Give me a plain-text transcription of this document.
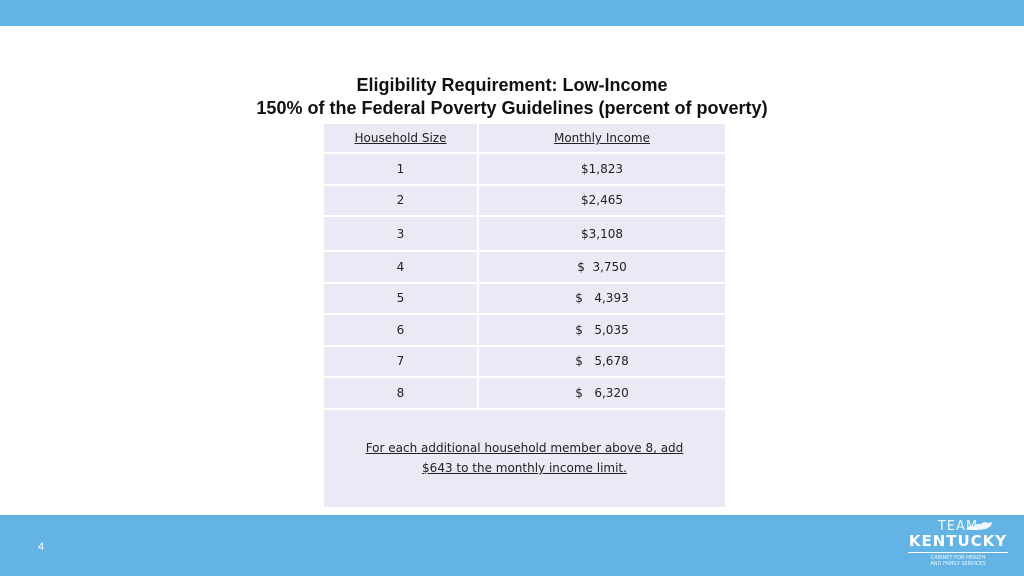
Eligibility Requirement: Low-Income
150% of the Federal Poverty Guidelines (percent of poverty)
Household Size	Monthly Income
1	$1,823
2	$2,465
3	$3,108
4	$  3,750
5	$   4,393
6	$   5,035
7	$   5,678
8	$   6,320
For each additional household member above 8, add
$643 to the monthly income limit.
4
TEAM
KENTUCKY
CABINET FOR HEALTH
AND FAMILY SERVICES
